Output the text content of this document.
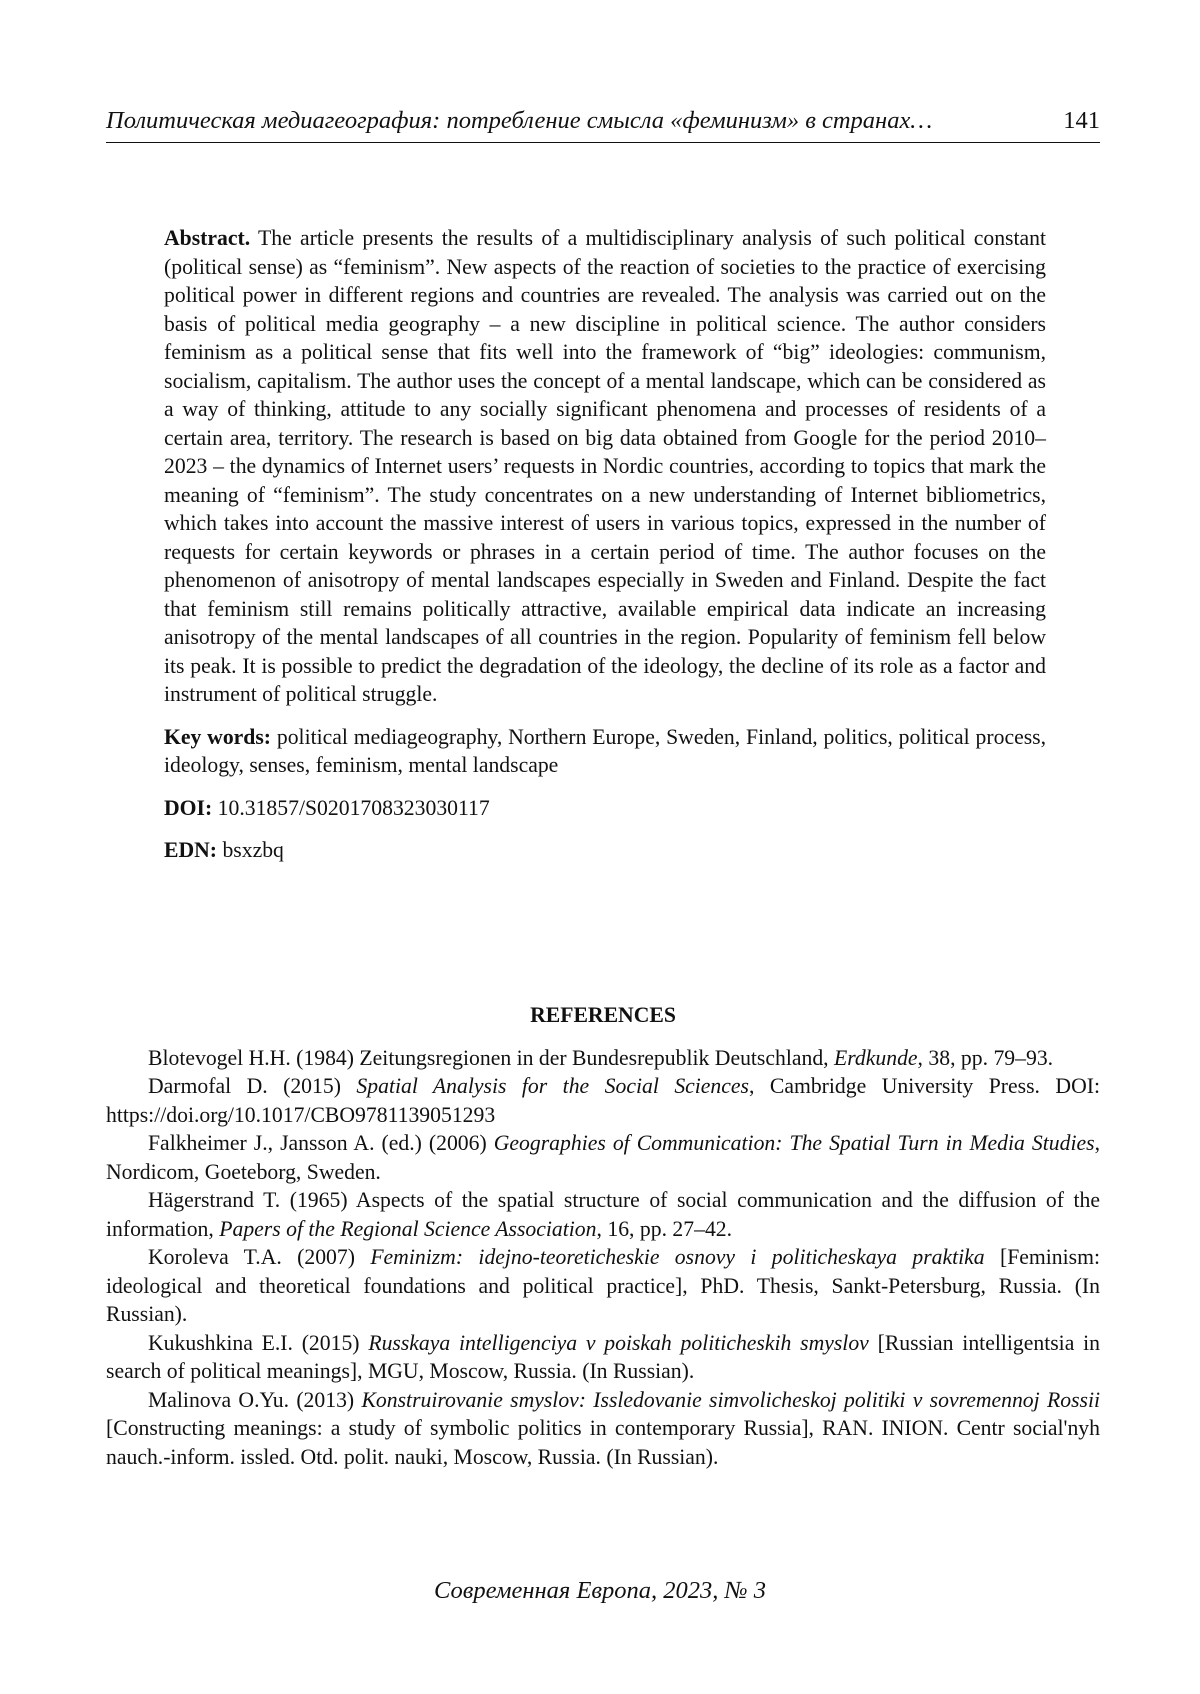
Политическая медиагеография: потребление смысла «феминизм» в странах…	141

Abstract. The article presents the results of a multidisciplinary analysis of such political constant (political sense) as “feminism”. New aspects of the reaction of societies to the practice of exercising political power in different regions and countries are revealed. The analysis was carried out on the basis of political media geography – a new discipline in political science. The author considers feminism as a political sense that fits well into the framework of “big” ideologies: communism, socialism, capitalism. The author uses the concept of a mental landscape, which can be considered as a way of thinking, attitude to any socially significant phenomena and processes of residents of a certain area, territory. The research is based on big data obtained from Google for the period 2010–2023 – the dynamics of Internet users’ requests in Nordic countries, according to topics that mark the meaning of “feminism”. The study concentrates on a new understanding of Internet bibliometrics, which takes into account the massive interest of users in various topics, expressed in the number of requests for certain keywords or phrases in a certain period of time. The author focuses on the phenomenon of anisotropy of mental landscapes especially in Sweden and Finland. Despite the fact that feminism still remains politically attractive, available empirical data indicate an increasing anisotropy of the mental landscapes of all countries in the region. Popularity of feminism fell below its peak. It is possible to predict the degradation of the ideology, the decline of its role as a factor and instrument of political struggle.

Key words: political mediageography, Northern Europe, Sweden, Finland, politics, political process, ideology, senses, feminism, mental landscape

DOI: 10.31857/S0201708323030117

EDN: bsxzbq

REFERENCES

Blotevogel H.H. (1984) Zeitungsregionen in der Bundesrepublik Deutschland, Erdkunde, 38, pp. 79–93.

Darmofal D. (2015) Spatial Analysis for the Social Sciences, Cambridge University Press. DOI: https://doi.org/10.1017/CBO9781139051293

Falkheimer J., Jansson A. (ed.) (2006) Geographies of Communication: The Spatial Turn in Media Studies, Nordicom, Goeteborg, Sweden.

Hägerstrand T. (1965) Aspects of the spatial structure of social communication and the diffusion of the information, Papers of the Regional Science Association, 16, pp. 27–42.

Koroleva T.A. (2007) Feminizm: idejno-teoreticheskie osnovy i politicheskaya praktika [Feminism: ideological and theoretical foundations and political practice], PhD. Thesis, Sankt-Petersburg, Russia. (In Russian).

Kukushkina E.I. (2015) Russkaya intelligenciya v poiskah politicheskih smyslov [Russian intelligentsia in search of political meanings], MGU, Moscow, Russia. (In Russian).

Malinova O.Yu. (2013) Konstruirovanie smyslov: Issledovanie simvolicheskoj politiki v sovremennoj Rossii [Constructing meanings: a study of symbolic politics in contemporary Russia], RAN. INION. Centr social'nyh nauch.-inform. issled. Otd. polit. nauki, Moscow, Russia. (In Russian).

Современная Европа, 2023, № 3
